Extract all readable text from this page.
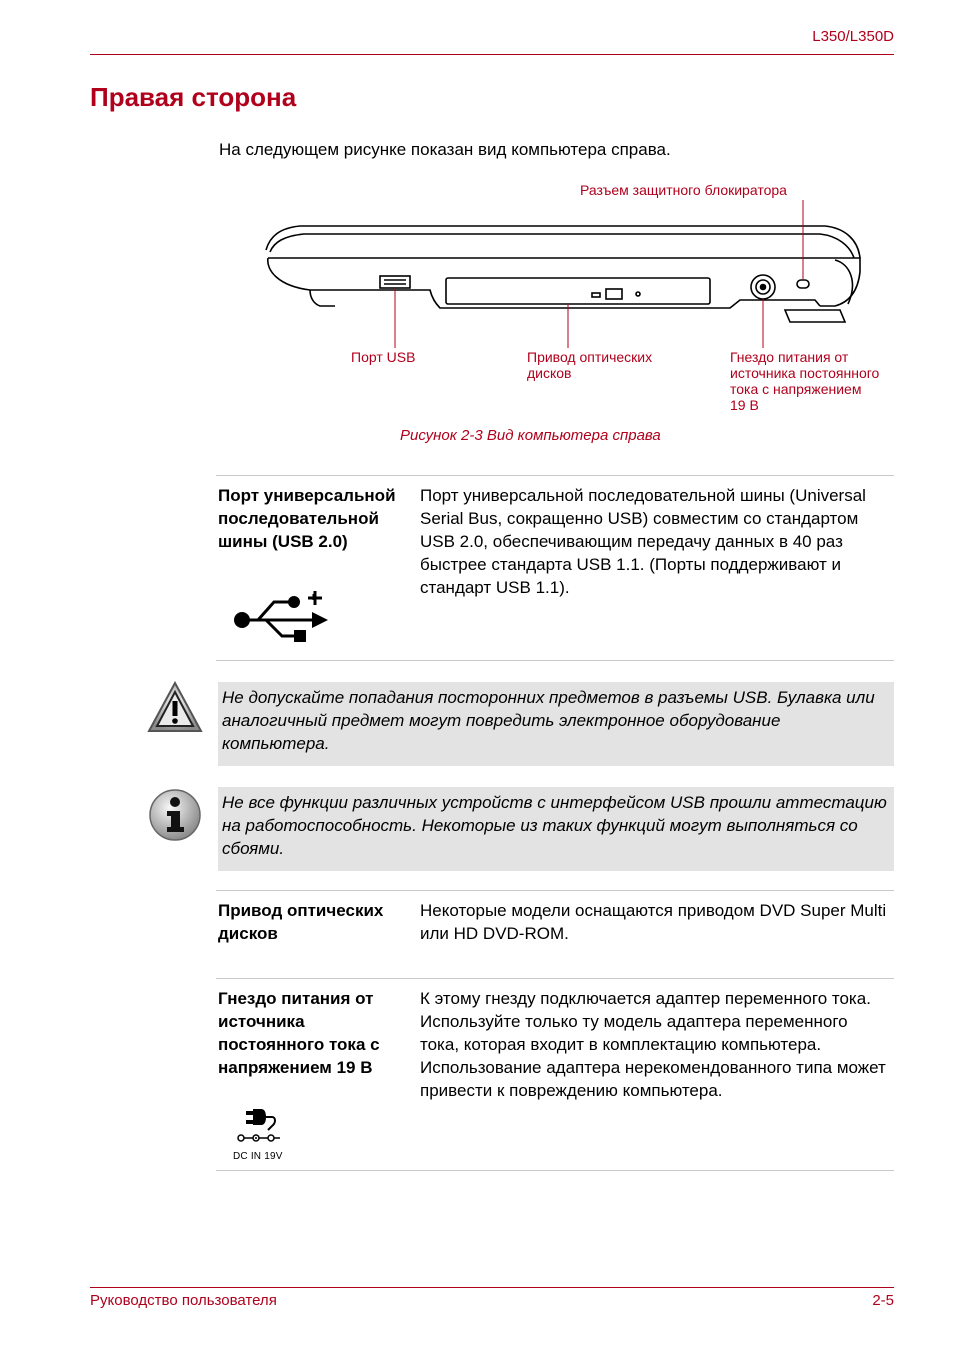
L350/L350D
Правая сторона
На следующем рисунке показан вид компьютера справа.
Разъем защитного блокиратора
Порт USB	Привод оптических дисков
Гнездо питания от источника постоянного тока с напряжением 19 В
Рисунок 2-3 Вид компьютера справа
Порт универсальной последовательной шины (USB 2.0)
Порт универсальной последовательной шины (Universal Serial Bus, сокращенно USB) совместим со стандартом USB 2.0, обеспечивающим передачу данных в 40 раз быстрее стандарта USB 1.1. (Порты поддерживают и стандарт USB 1.1).
Не допускайте попадания посторонних предметов в разъемы USB. Булавка или аналогичный предмет могут повредить электронное оборудование компьютера.
Не все функции различных устройств с интерфейсом USB прошли аттестацию на работоспособность. Некоторые из таких функций могут выполняться со сбоями.
Привод оптических дисков
Некоторые модели оснащаются приводом DVD Super Multi или HD DVD-ROM.
Гнездо питания от источника постоянного тока с напряжением 19 В
К этому гнезду подключается адаптер переменного тока. Используйте только ту модель адаптера переменного тока, которая входит в комплектацию компьютера. Использование адаптера нерекомендованного типа может привести к повреждению компьютера.
DC IN 19V
Руководство пользователя	2-5
